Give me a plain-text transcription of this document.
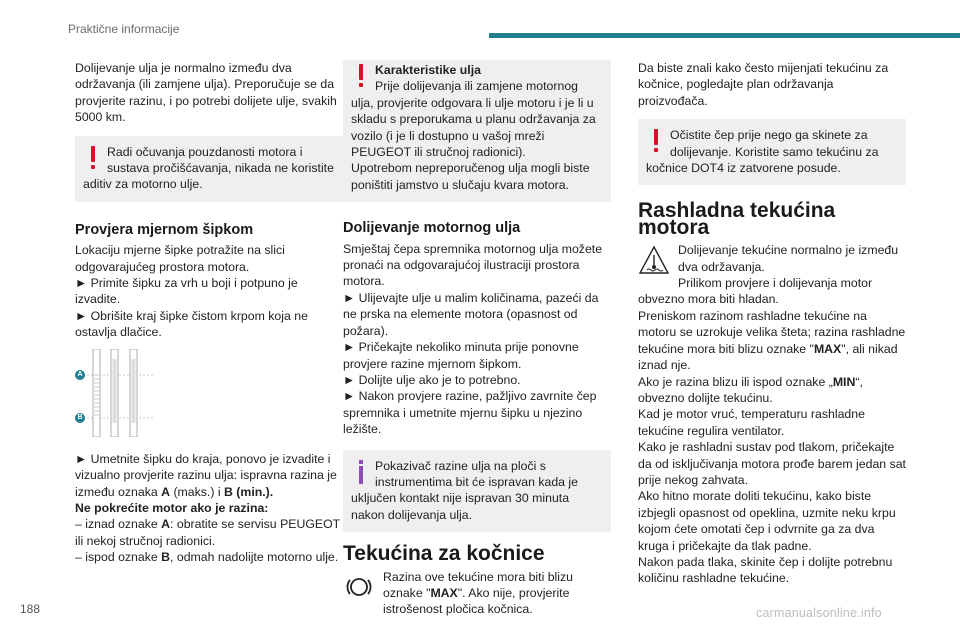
Praktične informacije

Dolijevanje ulja je normalno između dva održavanja (ili zamjene ulja). Preporučuje se da provjerite razinu, i po potrebi dolijete ulje, svakih 5000 km.

Radi očuvanja pouzdanosti motora i sustava pročišćavanja, nikada ne koristite aditiv za motorno ulje.
Provjera mjernom šipkom

Lokaciju mjerne šipke potražite na slici odgovarajućeg prostora motora.

► Primite šipku za vrh u boji i potpuno je izvadite.

► Obrišite kraj šipke čistom krpom koja ne ostavlja dlačice.

A
B

► Umetnite šipku do kraja, ponovo je izvadite i vizualno provjerite razinu ulja: ispravna razina je između oznaka A (maks.) i B (min.).

Ne pokrećite motor ako je razina:

– iznad oznake A: obratite se servisu PEUGEOT ili nekoj stručnoj radionici.

– ispod oznake B, odmah nadolijte motorno ulje.

Karakteristike ulja
Prije dolijevanja ili zamjene motornog ulja, provjerite odgovara li ulje motoru i je li u skladu s preporukama u planu održavanja za vozilo (i je li dostupno u vašoj mreži PEUGEOT ili stručnoj radionici).
Upotrebom nepreporučenog ulja mogli biste poništiti jamstvo u slučaju kvara motora.
Dolijevanje motornog ulja

Smještaj čepa spremnika motornog ulja možete pronaći na odgovarajućoj ilustraciji prostora motora.

► Ulijevajte ulje u malim količinama, pazeći da ne prska na elemente motora (opasnost od požara).

► Pričekajte nekoliko minuta prije ponovne provjere razine mjernom šipkom.

► Dolijte ulje ako je to potrebno.

► Nakon provjere razine, pažljivo zavrnite čep spremnika i umetnite mjernu šipku u njezino ležište.

Pokazivač razine ulja na ploči s instrumentima bit će ispravan kada je uključen kontakt nije ispravan 30 minuta nakon dolijevanja ulja.
Tekućina za kočnice
Razina ove tekućine mora biti blizu oznake "MAX". Ako nije, provjerite istrošenost pločica kočnica.

Da biste znali kako često mijenjati tekućinu za kočnice, pogledajte plan održavanja proizvođača.

Očistite čep prije nego ga skinete za dolijevanje. Koristite samo tekućinu za kočnice DOT4 iz zatvorene posude.
Rashladna tekućina motora

Dolijevanje tekućine normalno je između dva održavanja.

Prilikom provjere i dolijevanja motor obvezno mora biti hladan.

Preniskom razinom rashladne tekućine na motoru se uzrokuje velika šteta; razina rashladne tekućine mora biti blizu oznake "MAX", ali nikad iznad nje.

Ako je razina blizu ili ispod oznake „MIN“, obvezno dolijte tekućinu.

Kad je motor vruć, temperaturu rashladne tekućine regulira ventilator.

Kako je rashladni sustav pod tlakom, pričekajte da od isključivanja motora prođe barem jedan sat prije nekog zahvata.

Ako hitno morate doliti tekućinu, kako biste izbjegli opasnost od opeklina, uzmite neku krpu kojom ćete omotati čep i odvrnite ga za dva kruga i pričekajte da tlak padne.

Nakon pada tlaka, skinite čep i dolijte potrebnu količinu rashladne tekućine.

188	carmanualsonline.info
